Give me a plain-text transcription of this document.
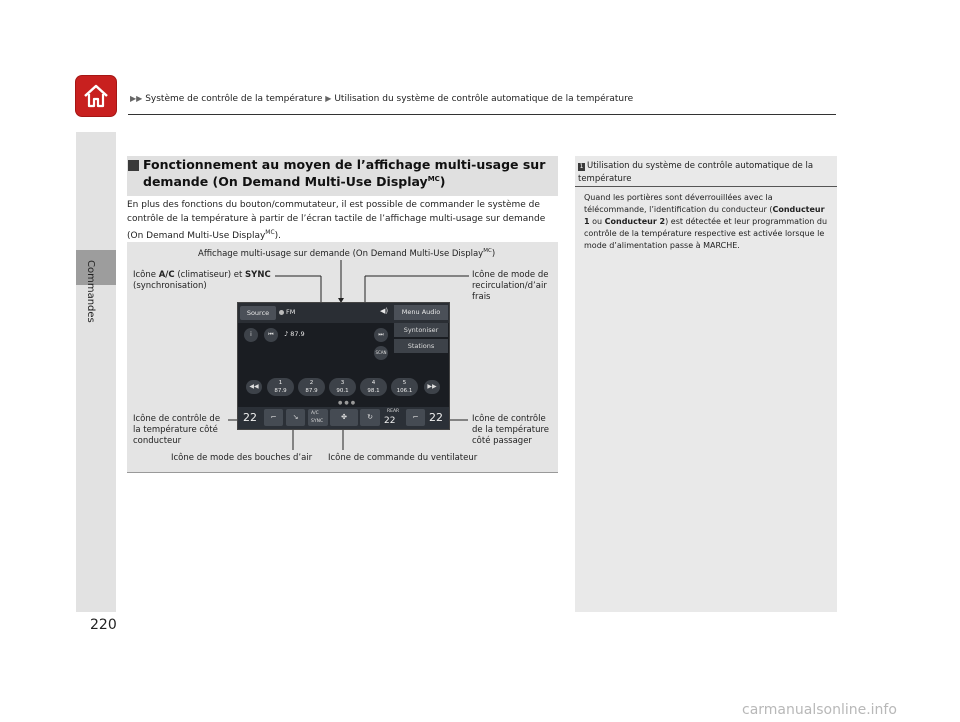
▶▶ Système de contrôle de la température ▶ Utilisation du système de contrôle automatique de la température
Commandes
Fonctionnement au moyen de l’affichage multi-usage sur
demande (On Demand Multi-Use Display$^{MC}$)
En plus des fonctions du bouton/commutateur, il est possible de commander le système de contrôle de la température à partir de l’écran tactile de l’affichage multi-usage sur demande (On Demand Multi-Use Display$^{MC}$).
Affichage multi-usage sur demande (On Demand Multi-Use Display$^{MC}$)
Icône A/C (climatiseur) et SYNC
(synchronisation)
Icône de mode de
recirculation/d’air
frais
Icône de contrôle de
la température côté
conducteur
Icône de contrôle
de la température
côté passager
Icône de mode des bouches d’air Icône de commande du ventilateur
Source	FM	◀)	Menu Audio
Syntoniser
Stations
i	⏮	♪ 87.9	⏭
SCAN
◀◀	1
87.9
2
87.9
3
90.1
4
98.1
5
106.1
▶▶
●●●
22	⌐	↘	A/C
SYNC
✤	↻
REAR
22	⌐ 22
1 Utilisation du système de contrôle automatique de la température
Quand les portières sont déverrouillées avec la télécommande, l’identification du conducteur (Conducteur 1 ou Conducteur 2) est détectée et leur programmation du contrôle de la température respective est activée lorsque le mode d’alimentation passe à MARCHE.
220
carmanualsonline.info
